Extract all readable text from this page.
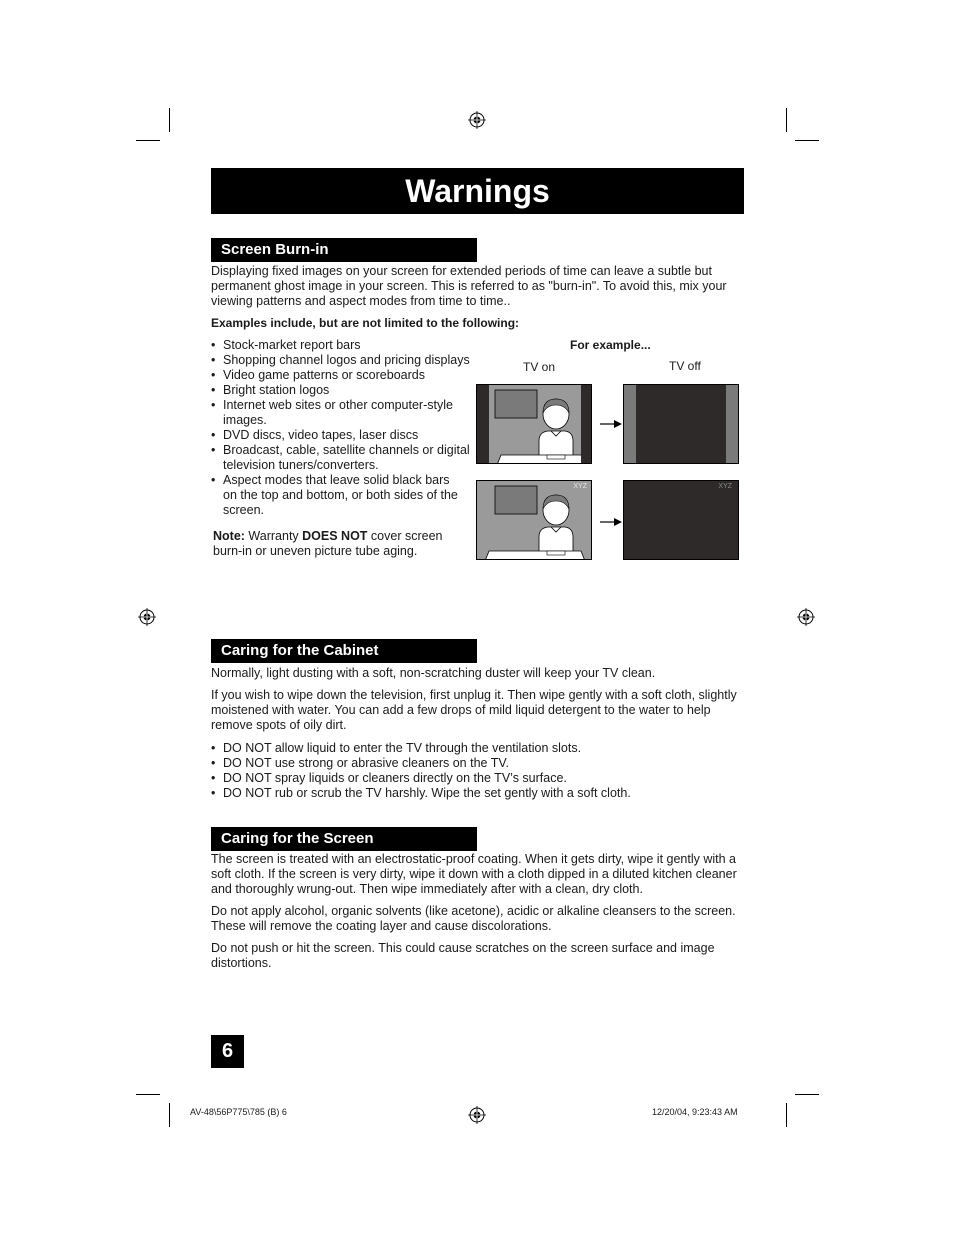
Warnings
Screen Burn-in

Displaying fixed images on your screen for extended periods of time can leave a subtle but permanent ghost image in your screen. This is referred to as "burn-in". To avoid this, mix your viewing patterns and aspect modes from time to time..

Examples include, but are not limited to the following:

• Stock-market report bars
• Shopping channel logos and pricing displays
• Video game patterns or scoreboards
• Bright station logos
• Internet web sites or other computer-style images.
• DVD discs, video tapes, laser discs
• Broadcast, cable, satellite channels or digital television tuners/converters.
• Aspect modes that leave solid black bars on the top and bottom, or both sides of the screen.

Note: Warranty DOES NOT cover screen burn-in or uneven picture tube aging.

For example...
TV on	TV off
XYZ	XYZ
Caring for the Cabinet

Normally, light dusting with a soft, non-scratching duster will keep your TV clean.

If you wish to wipe down the television, first unplug it. Then wipe gently with a soft cloth, slightly moistened with water. You can add a few drops of mild liquid detergent to the water to help remove spots of oily dirt.

• DO NOT allow liquid to enter the TV through the ventilation slots.
• DO NOT use strong or abrasive cleaners on the TV.
• DO NOT spray liquids or cleaners directly on the TV’s surface.
• DO NOT rub or scrub the TV harshly. Wipe the set gently with a soft cloth.
Caring for the Screen

The screen is treated with an electrostatic-proof coating. When it gets dirty, wipe it gently with a soft cloth. If the screen is very dirty, wipe it down with a cloth dipped in a diluted kitchen cleaner and thoroughly wrung-out. Then wipe immediately after with a clean, dry cloth.

Do not apply alcohol, organic solvents (like acetone), acidic or alkaline cleansers to the screen. These will remove the coating layer and cause discolorations.

Do not push or hit the screen. This could cause scratches on the screen surface and image distortions.

6
AV-48\56P775\785 (B) 6	12/20/04, 9:23:43 AM
